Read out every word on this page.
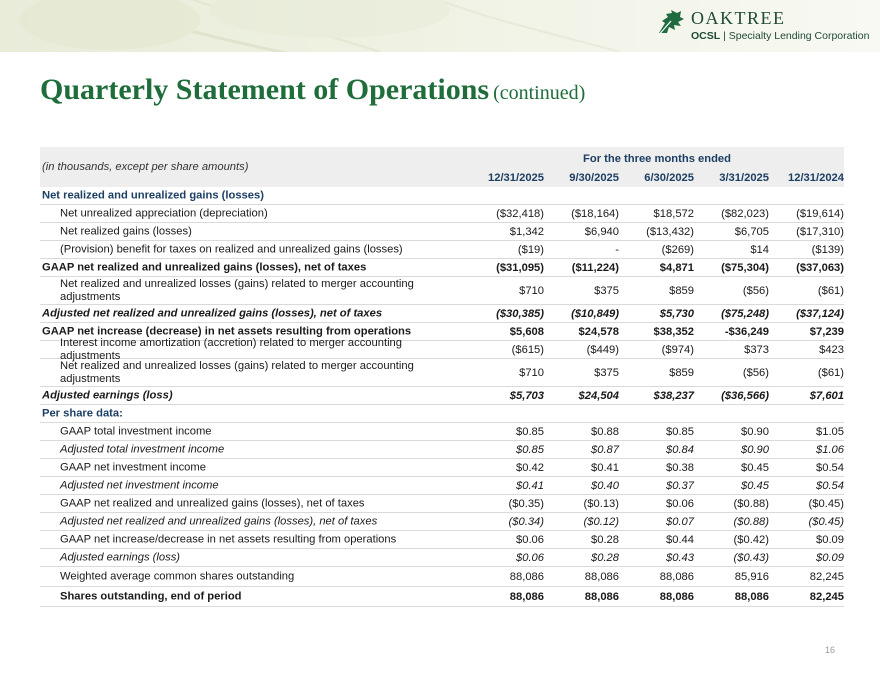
OAKTREE
OCSL | Specialty Lending Corporation
Quarterly Statement of Operations (continued)
(in thousands, except per share amounts)
For the three months ended
12/31/2025	9/30/2025	6/30/2025	3/31/2025	12/31/2024
Net realized and unrealized gains (losses)
Net unrealized appreciation (depreciation)	($32,418)	($18,164)	$18,572	($82,023)	($19,614)
Net realized gains (losses)	$1,342	$6,940	($13,432)	$6,705	($17,310)
(Provision) benefit for taxes on realized and unrealized gains (losses)	($19)	-	($269)	$14	($139)
GAAP net realized and unrealized gains (losses), net of taxes	($31,095)	($11,224)	$4,871	($75,304)	($37,063)
Net realized and unrealized losses (gains) related to merger accounting adjustments	$710	$375	$859	($56)	($61)
Adjusted net realized and unrealized gains (losses), net of taxes	($30,385)	($10,849)	$5,730	($75,248)	($37,124)
GAAP net increase (decrease) in net assets resulting from operations	$5,608	$24,578	$38,352	-$36,249	$7,239
Interest income amortization (accretion) related to merger accounting adjustments	($615)	($449)	($974)	$373	$423
Net realized and unrealized losses (gains) related to merger accounting adjustments	$710	$375	$859	($56)	($61)
Adjusted earnings (loss)	$5,703	$24,504	$38,237	($36,566)	$7,601
Per share data:
GAAP total investment income	$0.85	$0.88	$0.85	$0.90	$1.05
Adjusted total investment income	$0.85	$0.87	$0.84	$0.90	$1.06
GAAP net investment income	$0.42	$0.41	$0.38	$0.45	$0.54
Adjusted net investment income	$0.41	$0.40	$0.37	$0.45	$0.54
GAAP net realized and unrealized gains (losses), net of taxes	($0.35)	($0.13)	$0.06	($0.88)	($0.45)
Adjusted net realized and unrealized gains (losses), net of taxes	($0.34)	($0.12)	$0.07	($0.88)	($0.45)
GAAP net increase/decrease in net assets resulting from operations	$0.06	$0.28	$0.44	($0.42)	$0.09
Adjusted earnings (loss)	$0.06	$0.28	$0.43	($0.43)	$0.09
Weighted average common shares outstanding	88,086	88,086	88,086	85,916	82,245
Shares outstanding, end of period	88,086	88,086	88,086	88,086	82,245
16
